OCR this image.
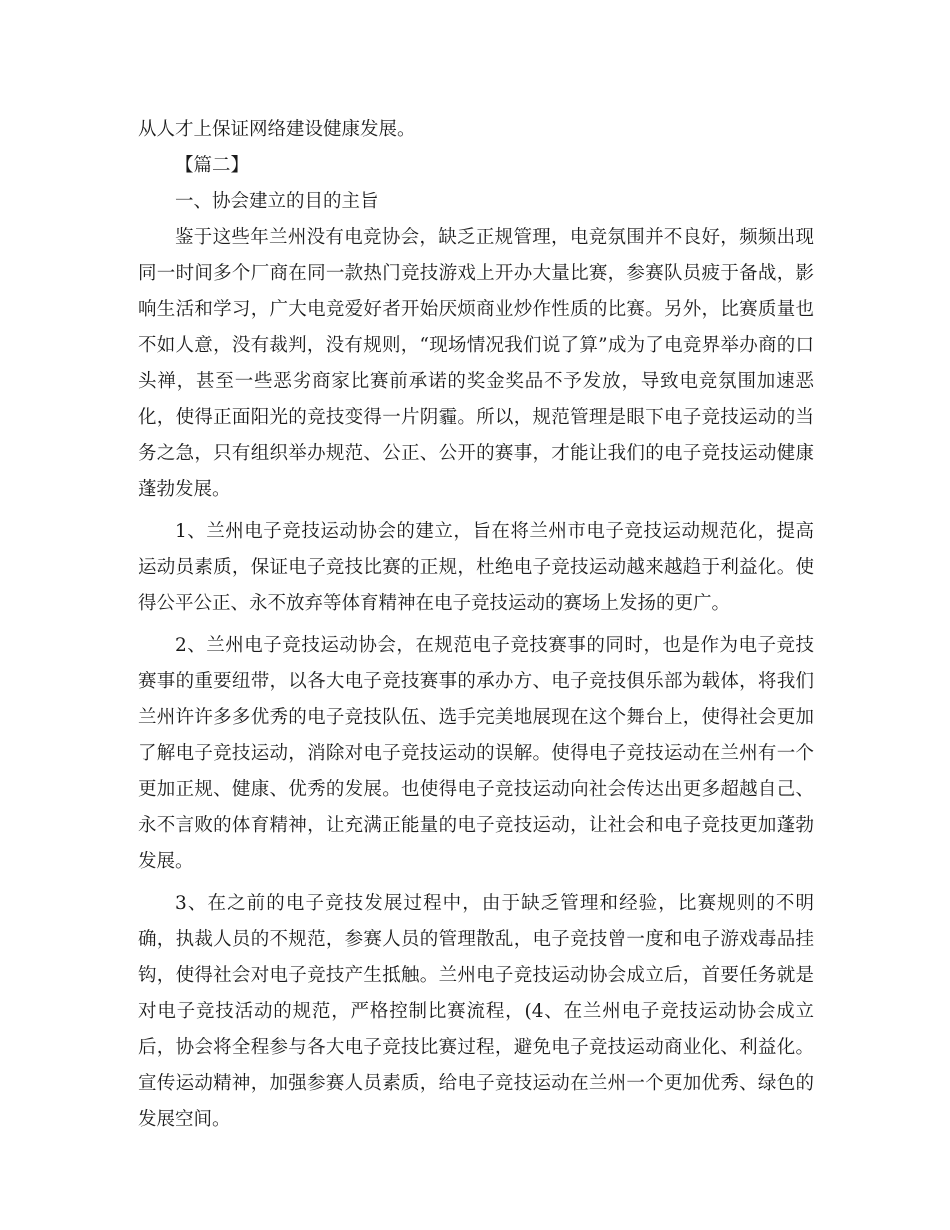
从人才上保证网络建设健康发展。

【篇二】

一、协会建立的目的主旨

鉴于这些年兰州没有电竞协会，缺乏正规管理，电竞氛围并不良好，频频出现同一时间多个厂商在同一款热门竞技游戏上开办大量比赛，参赛队员疲于备战，影响生活和学习，广大电竞爱好者开始厌烦商业炒作性质的比赛。另外，比赛质量也不如人意，没有裁判，没有规则，“现场情况我们说了算”成为了电竞界举办商的口头禅，甚至一些恶劣商家比赛前承诺的奖金奖品不予发放，导致电竞氛围加速恶化，使得正面阳光的竞技变得一片阴霾。所以，规范管理是眼下电子竞技运动的当务之急，只有组织举办规范、公正、公开的赛事，才能让我们的电子竞技运动健康蓬勃发展。

1、兰州电子竞技运动协会的建立，旨在将兰州市电子竞技运动规范化，提高运动员素质，保证电子竞技比赛的正规，杜绝电子竞技运动越来越趋于利益化。使得公平公正、永不放弃等体育精神在电子竞技运动的赛场上发扬的更广。

2、兰州电子竞技运动协会，在规范电子竞技赛事的同时，也是作为电子竞技赛事的重要纽带，以各大电子竞技赛事的承办方、电子竞技俱乐部为载体，将我们兰州许许多多优秀的电子竞技队伍、选手完美地展现在这个舞台上，使得社会更加了解电子竞技运动，消除对电子竞技运动的误解。使得电子竞技运动在兰州有一个更加正规、健康、优秀的发展。也使得电子竞技运动向社会传达出更多超越自己、永不言败的体育精神，让充满正能量的电子竞技运动，让社会和电子竞技更加蓬勃发展。

3、在之前的电子竞技发展过程中，由于缺乏管理和经验，比赛规则的不明确，执裁人员的不规范，参赛人员的管理散乱，电子竞技曾一度和电子游戏毒品挂钩，使得社会对电子竞技产生抵触。兰州电子竞技运动协会成立后，首要任务就是对电子竞技活动的规范，严格控制比赛流程，(4、在兰州电子竞技运动协会成立后，协会将全程参与各大电子竞技比赛过程，避免电子竞技运动商业化、利益化。宣传运动精神，加强参赛人员素质，给电子竞技运动在兰州一个更加优秀、绿色的发展空间。
